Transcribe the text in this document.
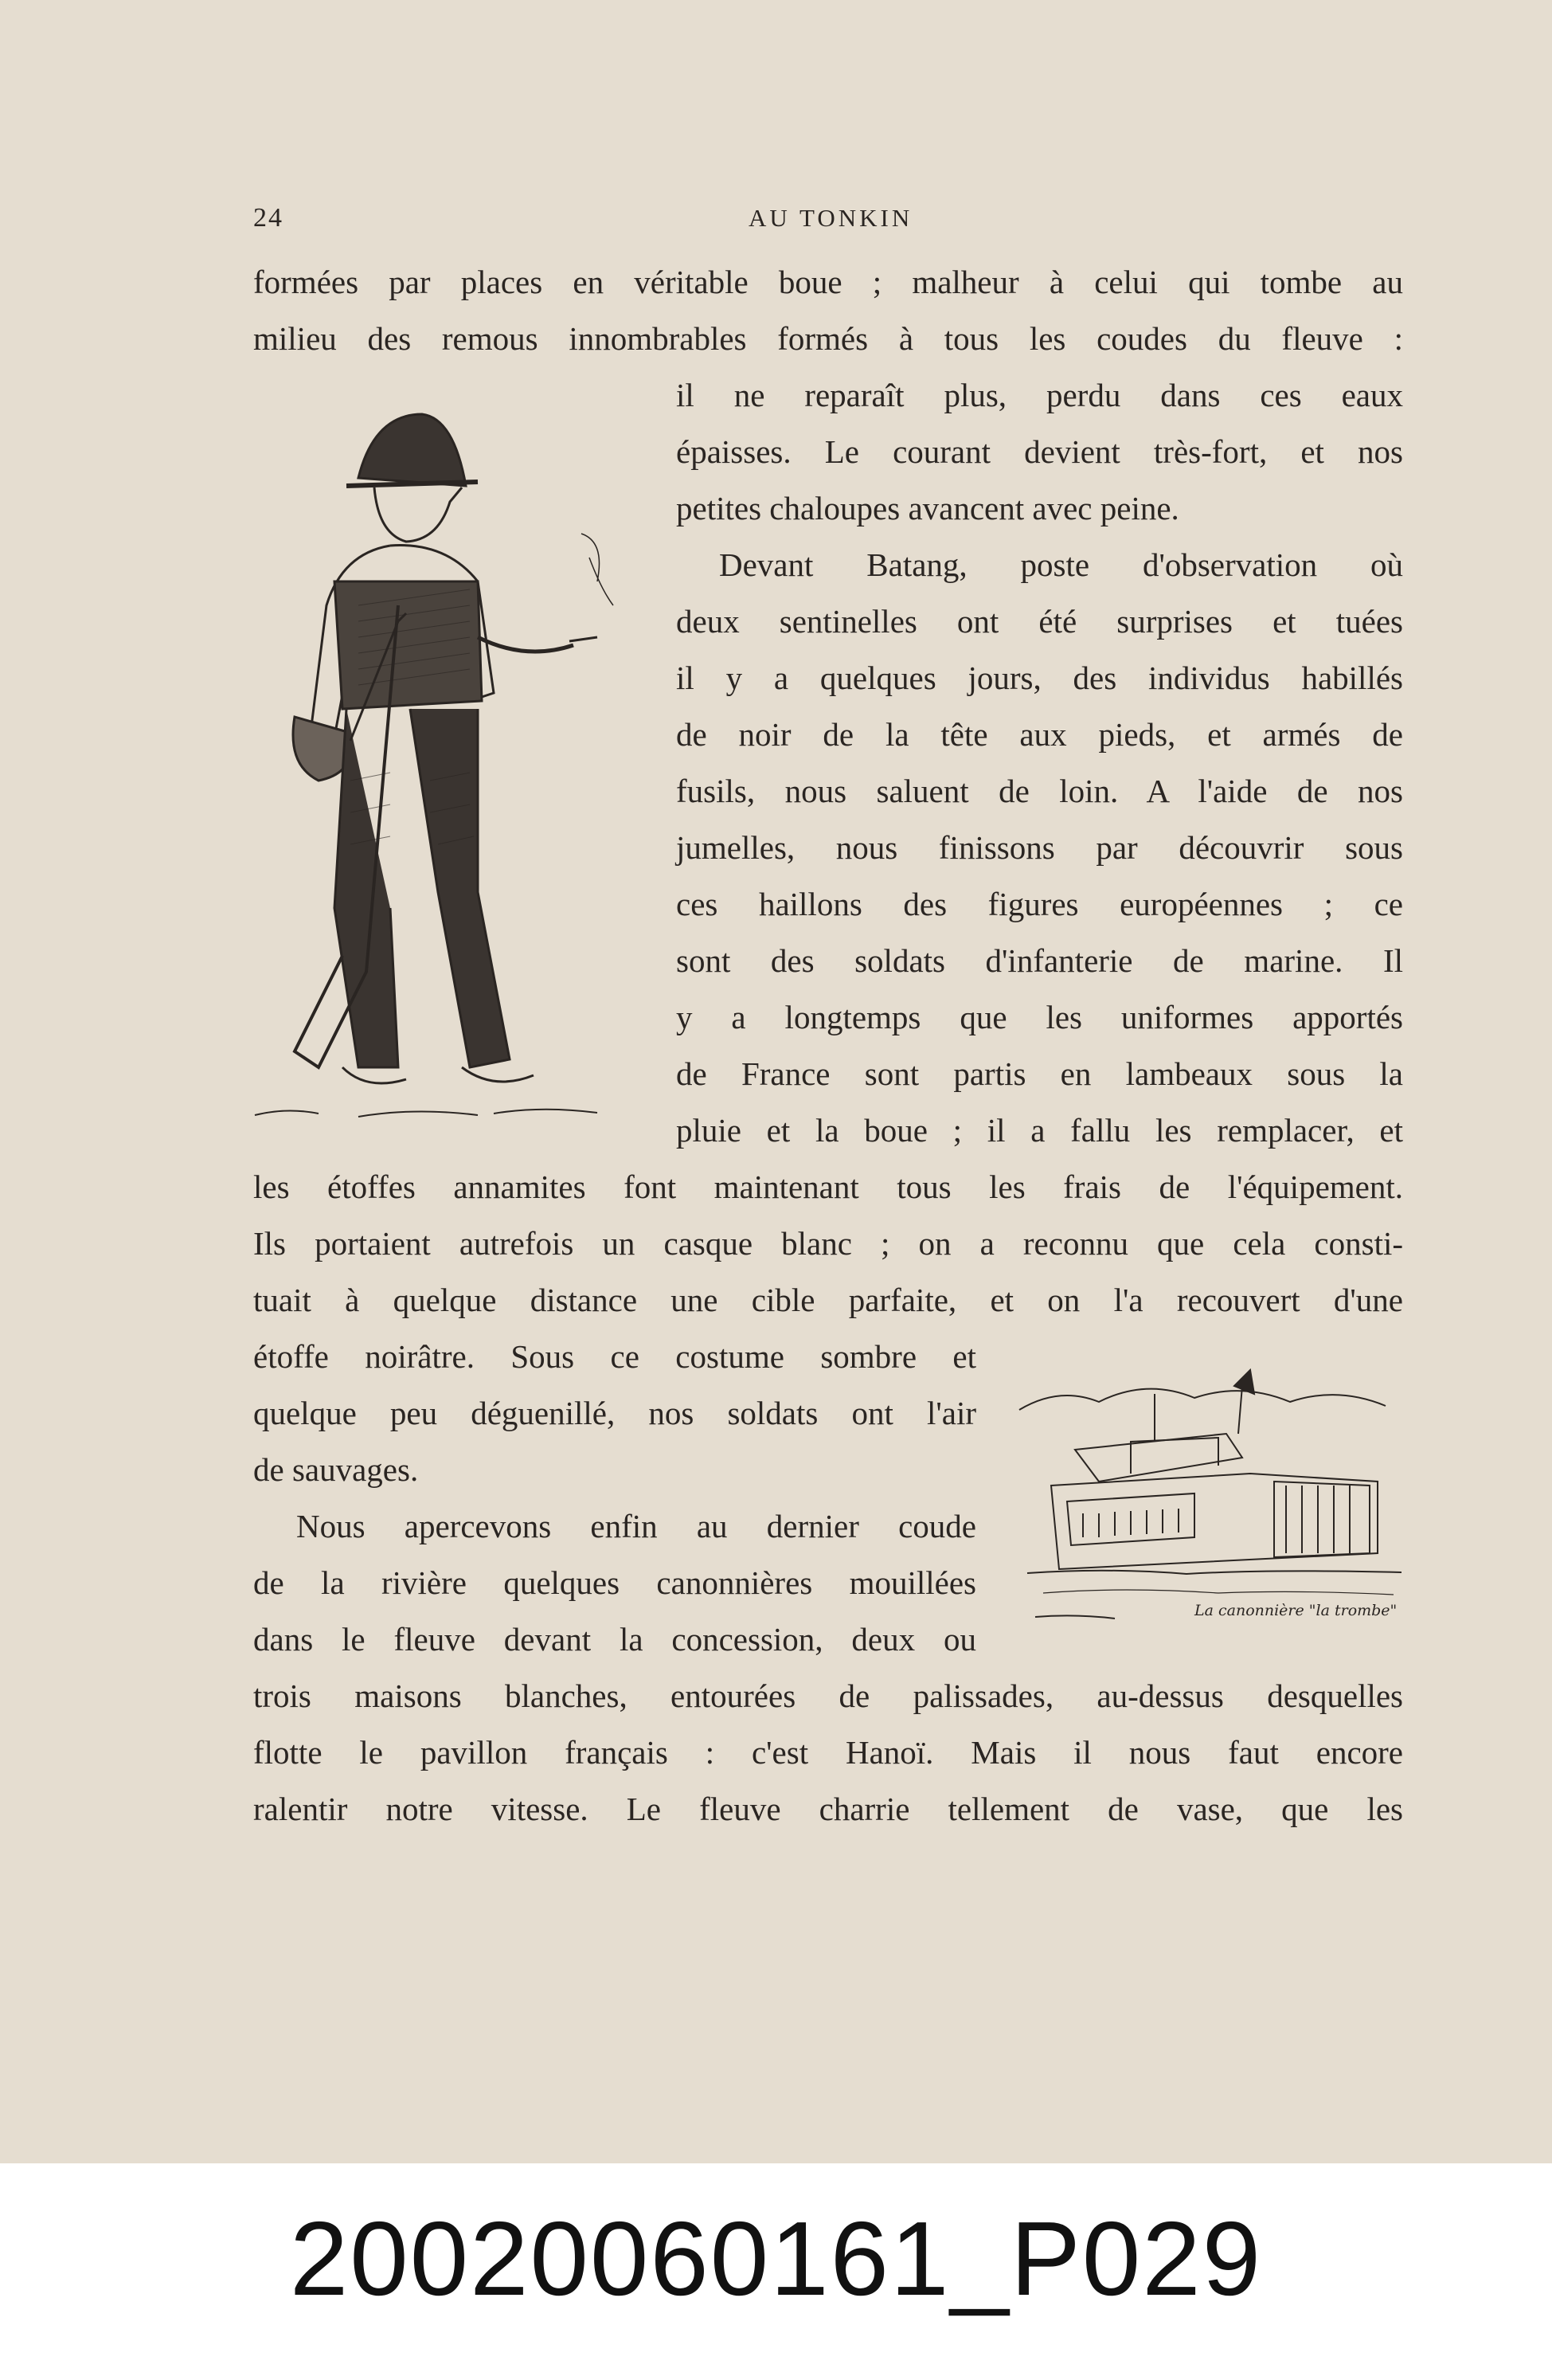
24	AU TONKIN
formées par places en véritable boue ; malheur à celui qui tombe au
milieu des remous innombrables formés à tous les coudes du fleuve :
il ne reparaît plus, perdu dans ces eaux
épaisses. Le courant devient très-fort, et nos
petites chaloupes avancent avec peine.
Devant Batang, poste d'observation où
deux sentinelles ont été surprises et tuées
il y a quelques jours, des individus habillés
de noir de la tête aux pieds, et armés de
fusils, nous saluent de loin. A l'aide de nos
jumelles, nous finissons par découvrir sous
ces haillons des figures européennes ; ce
sont des soldats d'infanterie de marine. Il
y a longtemps que les uniformes apportés
de France sont partis en lambeaux sous la
pluie et la boue ; il a fallu les remplacer, et
les étoffes annamites font maintenant tous les frais de l'équipement.
Ils portaient autrefois un casque blanc ; on a reconnu que cela consti-
tuait à quelque distance une cible parfaite, et on l'a recouvert d'une
étoffe noirâtre. Sous ce costume sombre et
quelque peu déguenillé, nos soldats ont l'air
de sauvages.
Nous apercevons enfin au dernier coude
de la rivière quelques canonnières mouillées
dans le fleuve devant la concession, deux ou
trois maisons blanches, entourées de palissades, au-dessus desquelles
flotte le pavillon français : c'est Hanoï. Mais il nous faut encore
ralentir notre vitesse. Le fleuve charrie tellement de vase, que les
La canonnière "la trombe"
20020060161_P029
